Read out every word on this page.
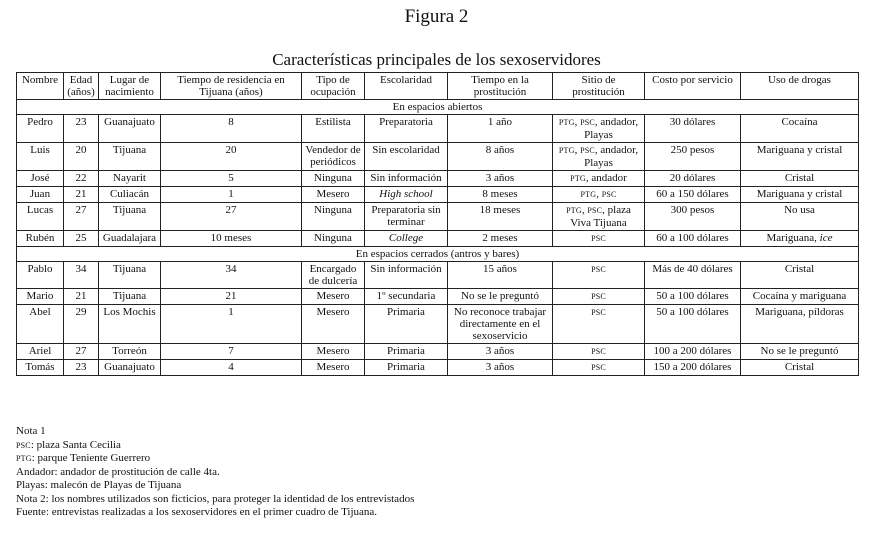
Figura 2
Características principales de los sexoservidores
Nombre	Edad (años)	Lugar de nacimiento	Tiempo de residencia en Tijuana (años)	Tipo de ocupación	Escolaridad	Tiempo en la prostitución	Sitio de prostitución	Costo por servicio	Uso de drogas
En espacios abiertos									
Pedro	23	Guanajuato	8	Estilista	Preparatoria	1 año	PTG, PSC, andador, Playas	30 dólares	Cocaína
Luis	20	Tijuana	20	Vendedor de periódicos	Sin escolaridad	8 años	PTG, PSC, andador, Playas	250 pesos	Mariguana y cristal
José	22	Nayarit	5	Ninguna	Sin información	3 años	PTG, andador	20 dólares	Cristal
Juan	21	Culiacán	1	Mesero	High school	8 meses	PTG, PSC	60 a 150 dólares	Mariguana y cristal
Lucas	27	Tijuana	27	Ninguna	Preparatoria sin terminar	18 meses	PTG, PSC, plaza Viva Tijuana	300 pesos	No usa
Rubén	25	Guadalajara	10 meses	Ninguna	College	2 meses	PSC	60 a 100 dólares	Mariguana, ice
En espacios cerrados (antros y bares)									
Pablo	34	Tijuana	34	Encargado de dulcería	Sin información	15 años	PSC	Más de 40 dólares	Cristal
Mario	21	Tijuana	21	Mesero	1º secundaria	No se le preguntó	PSC	50 a 100 dólares	Cocaína y mariguana
Abel	29	Los Mochis	1	Mesero	Primaria	No reconoce trabajar directamente en el sexoservicio	PSC	50 a 100 dólares	Mariguana, píldoras
Ariel	27	Torreón	7	Mesero	Primaria	3 años	PSC	100 a 200 dólares	No se le preguntó
Tomás	23	Guanajuato	4	Mesero	Primaria	3 años	PSC	150 a 200 dólares	Cristal
Nota 1
PSC: plaza Santa Cecilia
PTG: parque Teniente Guerrero
Andador: andador de prostitución de calle 4ta.
Playas: malecón de Playas de Tijuana
Nota 2: los nombres utilizados son ficticios, para proteger la identidad de los entrevistados
Fuente: entrevistas realizadas a los sexoservidores en el primer cuadro de Tijuana.
